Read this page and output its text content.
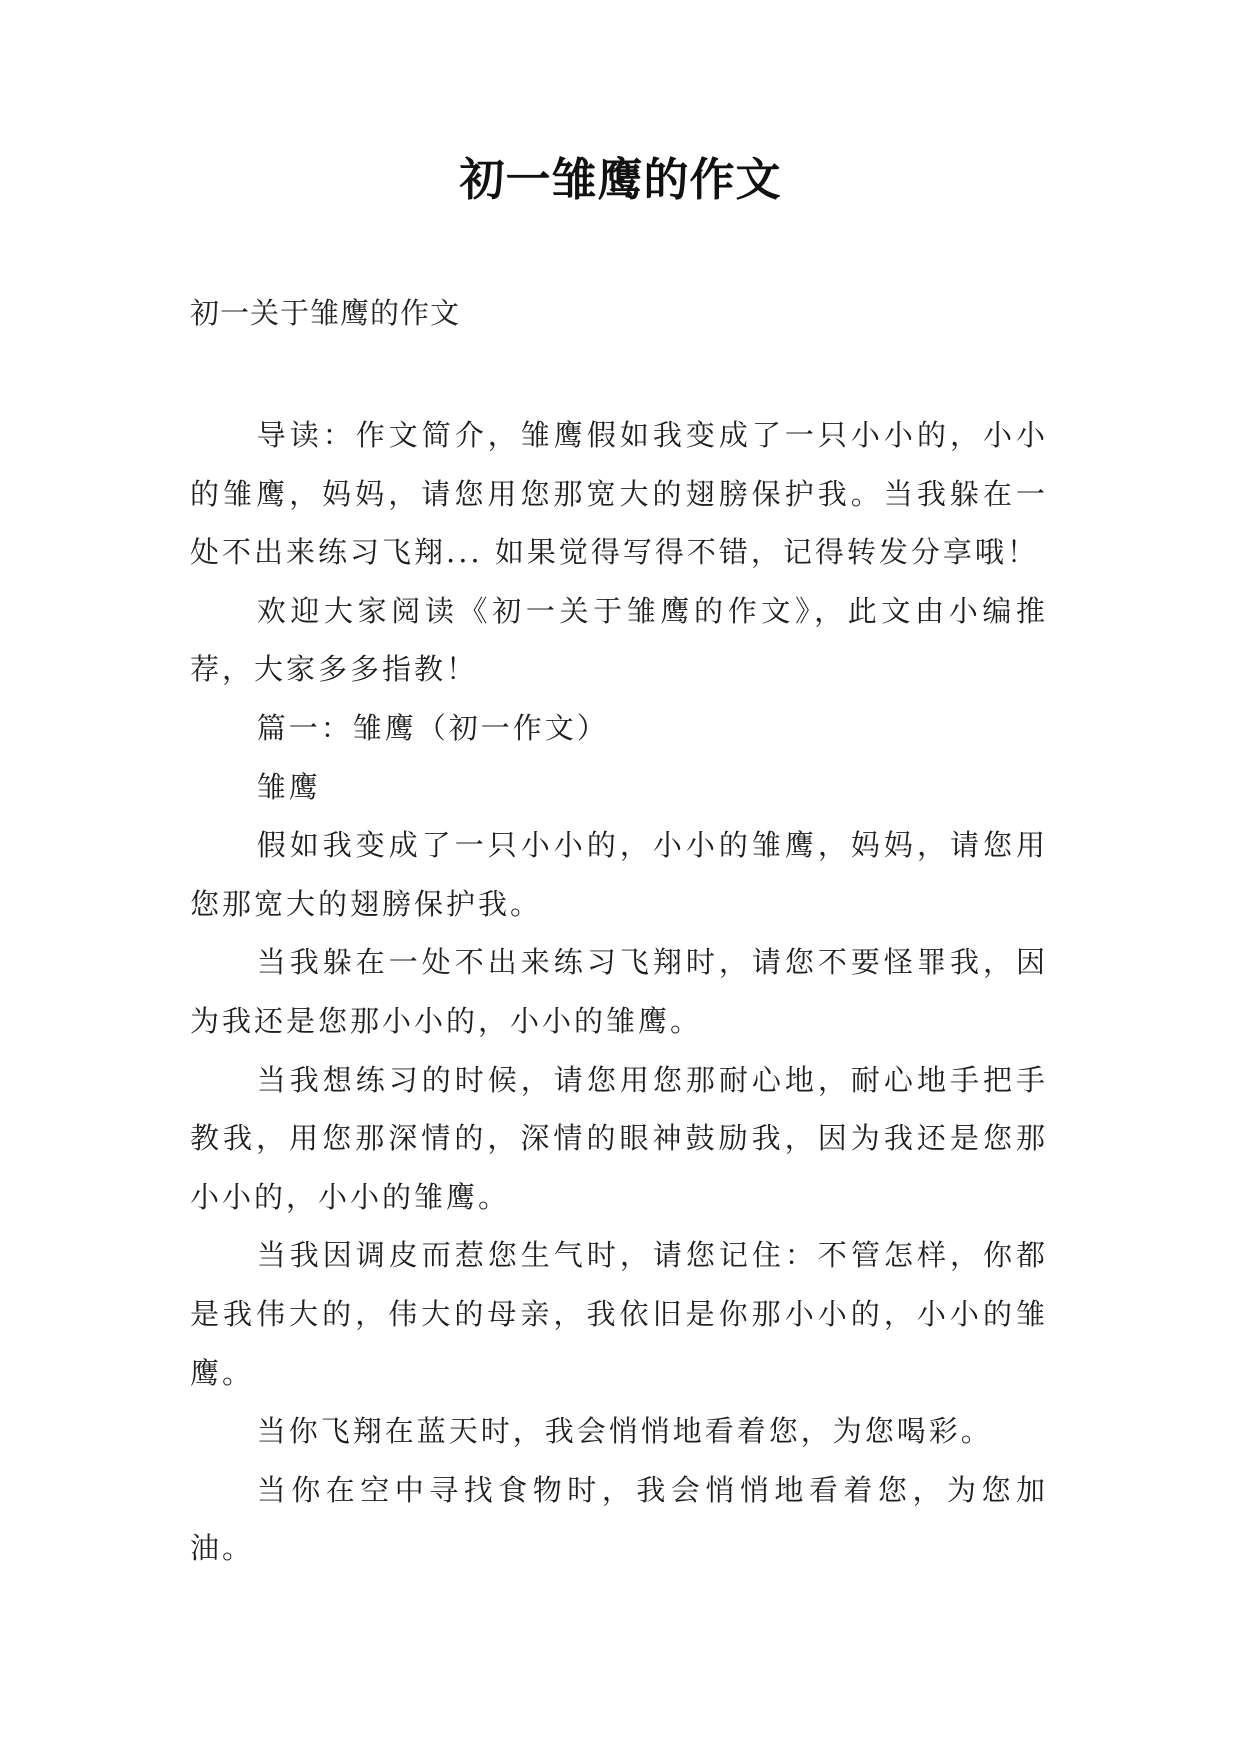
初一雏鹰的作文
初一关于雏鹰的作文

导读：作文简介，雏鹰假如我变成了一只小小的，小小的雏鹰，妈妈，请您用您那宽大的翅膀保护我。当我躲在一处不出来练习飞翔... 如果觉得写得不错，记得转发分享哦！

欢迎大家阅读《初一关于雏鹰的作文》，此文由小编推荐，大家多多指教！

篇一：雏鹰（初一作文）

雏鹰

假如我变成了一只小小的，小小的雏鹰，妈妈，请您用您那宽大的翅膀保护我。

当我躲在一处不出来练习飞翔时，请您不要怪罪我，因为我还是您那小小的，小小的雏鹰。

当我想练习的时候，请您用您那耐心地，耐心地手把手教我，用您那深情的，深情的眼神鼓励我，因为我还是您那小小的，小小的雏鹰。

当我因调皮而惹您生气时，请您记住：不管怎样，你都是我伟大的，伟大的母亲，我依旧是你那小小的，小小的雏鹰。

当你飞翔在蓝天时，我会悄悄地看着您，为您喝彩。

当你在空中寻找食物时，我会悄悄地看着您，为您加油。
